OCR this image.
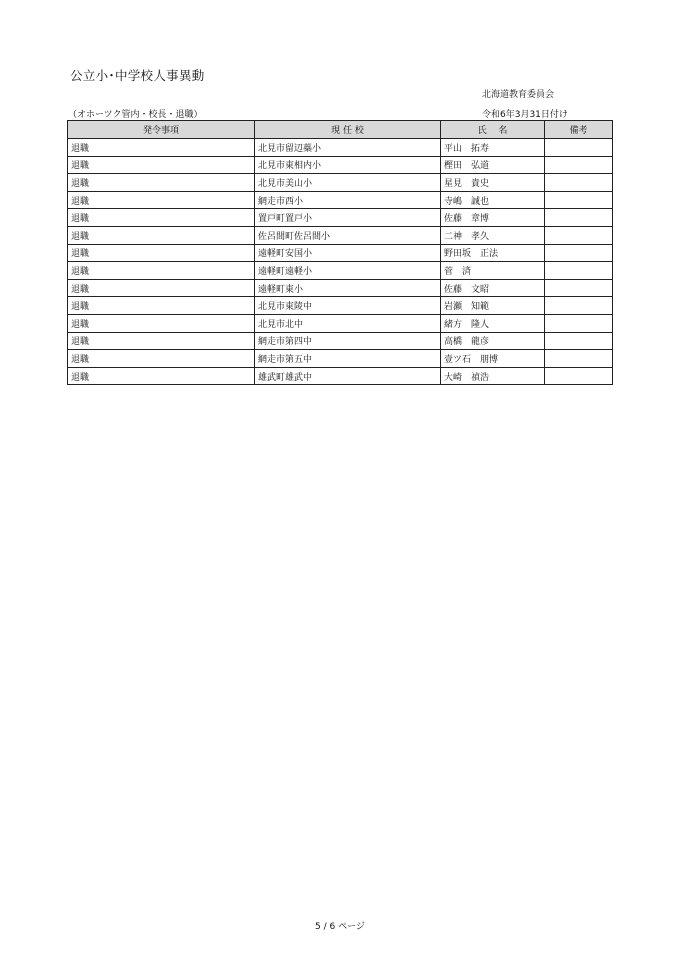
公立小･中学校人事異動
北海道教育委員会
（オホーツク管内・校長・退職）	令和6年3月31日付け
発令事項	現 任 校	氏　 名	備考
退職	北見市留辺蘂小	平山　拓寿	
退職	北見市東相内小	樫田　弘道	
退職	北見市美山小	星見　貴史	
退職	網走市西小	寺嶋　誠也	
退職	置戸町置戸小	佐藤　章博	
退職	佐呂間町佐呂間小	二神　孝久	
退職	遠軽町安国小	野田坂　正法	
退職	遠軽町遠軽小	菅　済	
退職	遠軽町東小	佐藤　文昭	
退職	北見市東陵中	岩瀬　知範	
退職	北見市北中	緒方　隆人	
退職	網走市第四中	高橋　龍彦	
退職	網走市第五中	壹ツ石　朋博	
退職	雄武町雄武中	大崎　禎浩	
5 / 6 ページ
